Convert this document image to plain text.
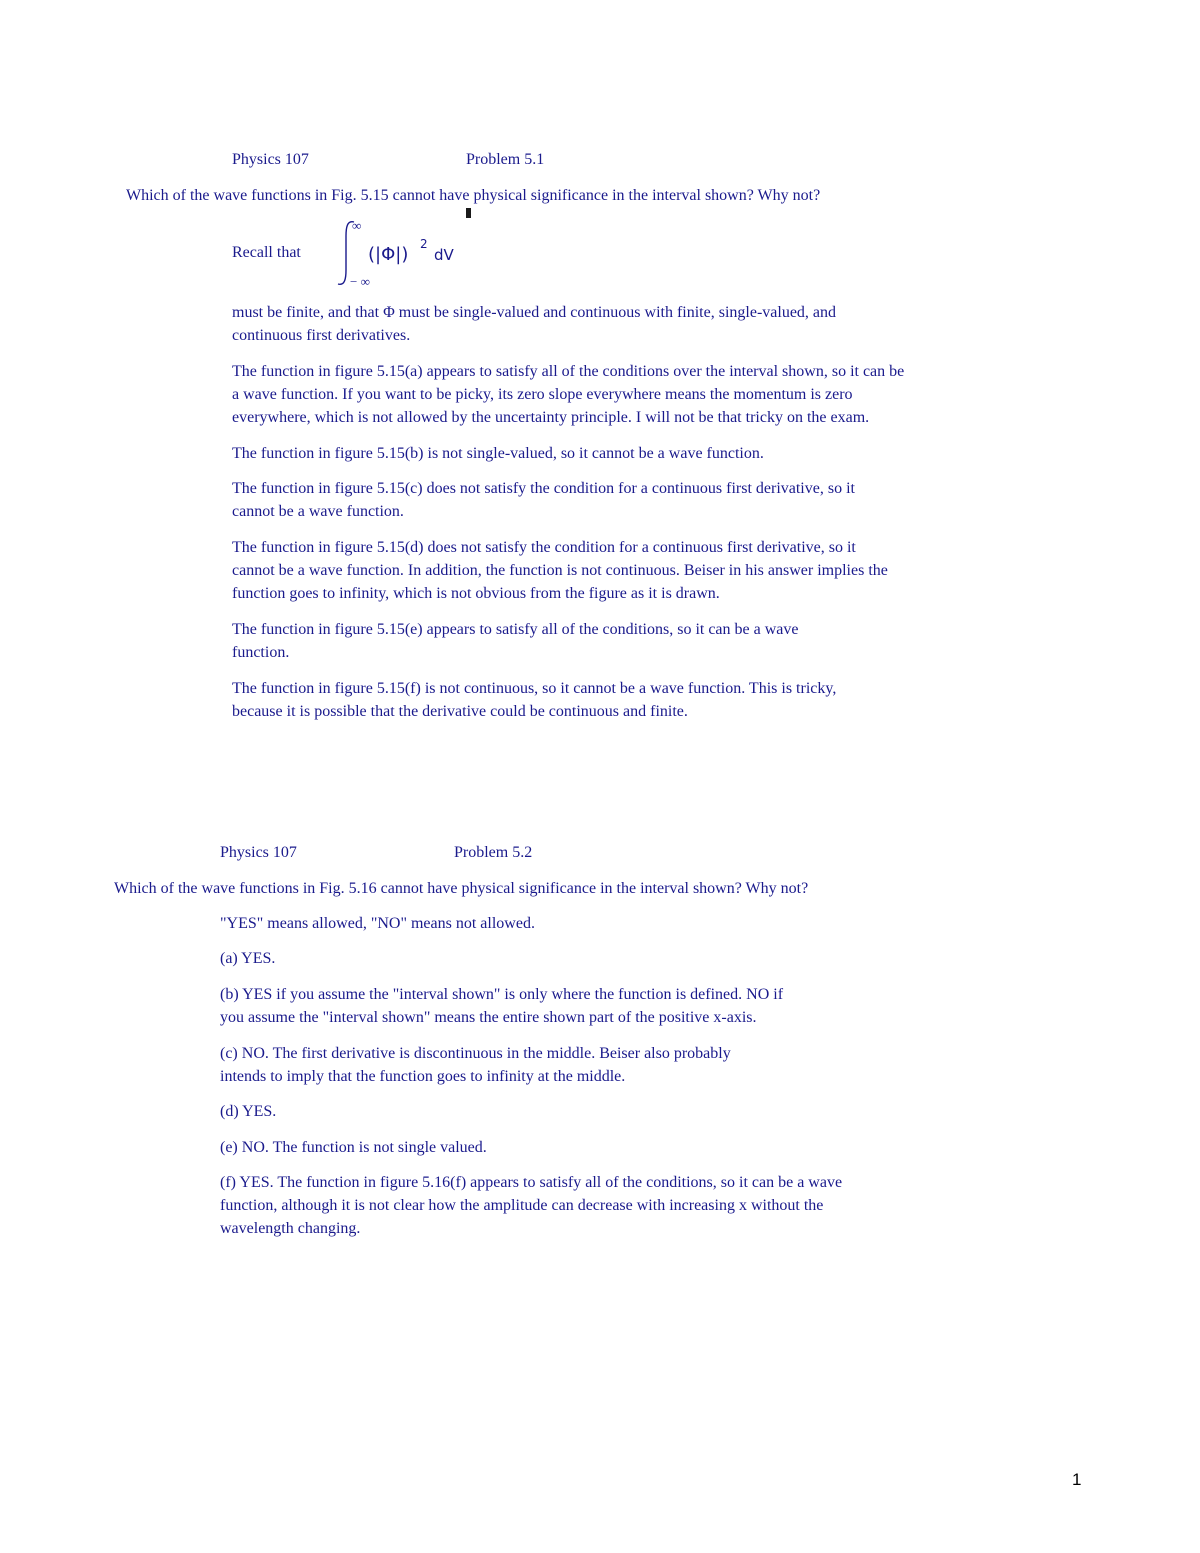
Physics 107	Problem 5.1
Which of the wave functions in Fig. 5.15 cannot have physical significance in the interval shown? Why not?
Recall that
∞
− ∞
(|Φ|) 2
dV
must be finite, and that Φ must be single-valued and continuous with finite, single-valued, and
continuous first derivatives.
The function in figure 5.15(a) appears to satisfy all of the conditions over the interval shown, so it can be
a wave function. If you want to be picky, its zero slope everywhere means the momentum is zero
everywhere, which is not allowed by the uncertainty principle. I will not be that tricky on the exam.
The function in figure 5.15(b) is not single-valued, so it cannot be a wave function.
The function in figure 5.15(c) does not satisfy the condition for a continuous first derivative, so it
cannot be a wave function.
The function in figure 5.15(d) does not satisfy the condition for a continuous first derivative, so it
cannot be a wave function. In addition, the function is not continuous. Beiser in his answer implies the
function goes to infinity, which is not obvious from the figure as it is drawn.
The function in figure 5.15(e) appears to satisfy all of the conditions, so it can be a wave
function.
The function in figure 5.15(f) is not continuous, so it cannot be a wave function. This is tricky,
because it is possible that the derivative could be continuous and finite.
Physics 107	Problem 5.2
Which of the wave functions in Fig. 5.16 cannot have physical significance in the interval shown? Why not?
"YES" means allowed, "NO" means not allowed.
(a) YES.
(b) YES if you assume the "interval shown" is only where the function is defined. NO if
you assume the "interval shown" means the entire shown part of the positive x-axis.
(c) NO. The first derivative is discontinuous in the middle. Beiser also probably
intends to imply that the function goes to infinity at the middle.
(d) YES.
(e) NO. The function is not single valued.
(f) YES. The function in figure 5.16(f) appears to satisfy all of the conditions, so it can be a wave
function, although it is not clear how the amplitude can decrease with increasing x without the
wavelength changing.
1
